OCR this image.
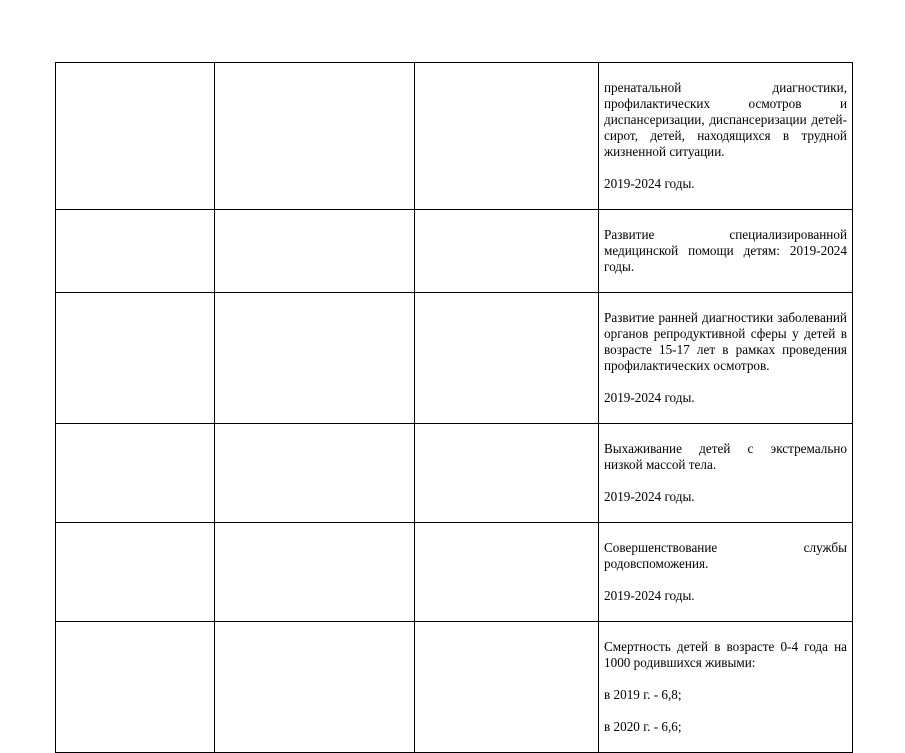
			пренатальной диагностики, профилактических осмотров и диспансеризации, диспансеризации детей-сирот, детей, находящихся в трудной жизненной ситуации.

2019-2024 годы.

			Развитие специализированной медицинской помощи детям: 2019-2024 годы.

			Развитие ранней диагностики заболеваний органов репродуктивной сферы у детей в возрасте 15-17 лет в рамках проведения профилактических осмотров.

2019-2024 годы.

			Выхаживание детей с экстремально низкой массой тела.

2019-2024 годы.

			Совершенствование службы родовспоможения.

2019-2024 годы.

			Смертность детей в возрасте 0-4 года на 1000 родившихся живыми:

в 2019 г. - 6,8;

в 2020 г. - 6,6;
